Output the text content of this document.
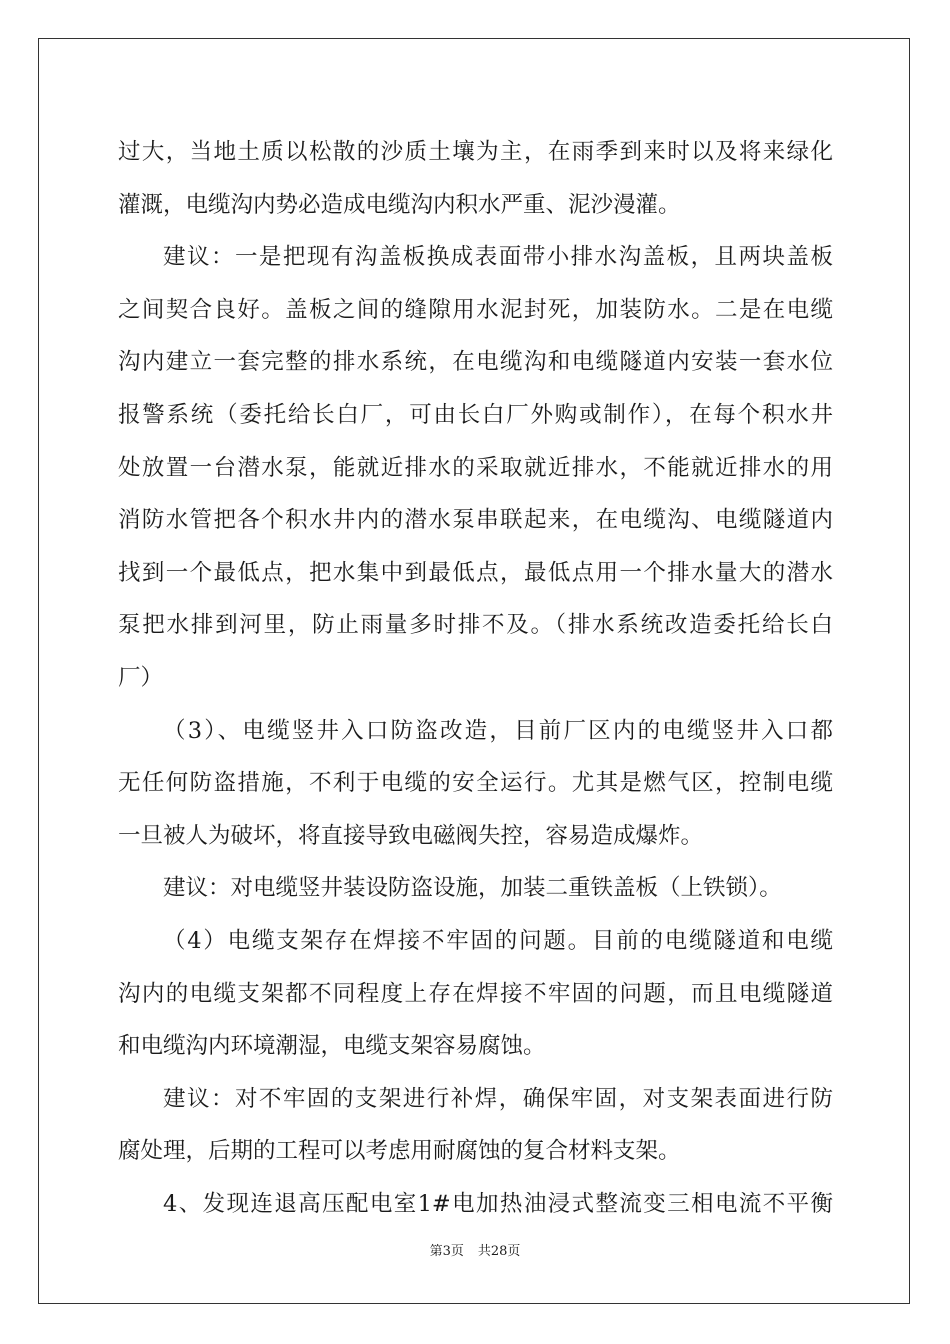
过大，当地土质以松散的沙质土壤为主，在雨季到来时以及将来绿化
灌溉，电缆沟内势必造成电缆沟内积水严重、泥沙漫灌。
建议：一是把现有沟盖板换成表面带小排水沟盖板，且两块盖板
之间契合良好。盖板之间的缝隙用水泥封死，加装防水。二是在电缆
沟内建立一套完整的排水系统，在电缆沟和电缆隧道内安装一套水位
报警系统（委托给长白厂，可由长白厂外购或制作），在每个积水井
处放置一台潜水泵，能就近排水的采取就近排水，不能就近排水的用
消防水管把各个积水井内的潜水泵串联起来，在电缆沟、电缆隧道内
找到一个最低点，把水集中到最低点，最低点用一个排水量大的潜水
泵把水排到河里，防止雨量多时排不及。（排水系统改造委托给长白
厂）
（3）、电缆竖井入口防盗改造，目前厂区内的电缆竖井入口都
无任何防盗措施，不利于电缆的安全运行。尤其是燃气区，控制电缆
一旦被人为破坏，将直接导致电磁阀失控，容易造成爆炸。
建议：对电缆竖井装设防盗设施，加装二重铁盖板（上铁锁）。
（4）电缆支架存在焊接不牢固的问题。目前的电缆隧道和电缆
沟内的电缆支架都不同程度上存在焊接不牢固的问题，而且电缆隧道
和电缆沟内环境潮湿，电缆支架容易腐蚀。
建议：对不牢固的支架进行补焊，确保牢固，对支架表面进行防
腐处理，后期的工程可以考虑用耐腐蚀的复合材料支架。
4、发现连退高压配电室1#电加热油浸式整流变三相电流不平衡
第3页 共28页
